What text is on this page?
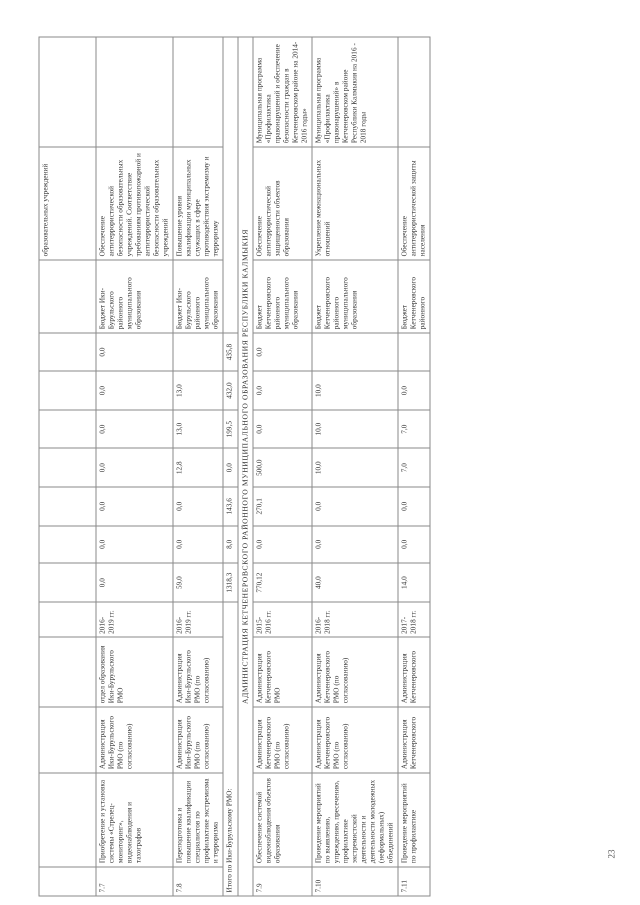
													образовательных учреждений	
7.7	Приобретение и установка системы «Стрелец-мониторинг», видеонаблюдения и тахографов	Администрация Ики-Бурульского РМО (по согласованию)	отдел образования Ики-Бурульского РМО	2016-2019 гг.	0,0	0,0	0,0	0,0	0,0	0,0	0,0	Бюджет Ики-Бурульского районного муниципального образования	Обеспечение антитеррористической безопасности образовательных учреждений. Соответствие требованиям противопожарной и антитеррористической безопасности образовательных учреждений	
7.8	Переподготовка и повышение квалификации специалистов по профилактике экстремизма и терроризма	Администрация Ики-Бурульского РМО (по согласованию)	Администрация Ики-Бурульского РМО (по согласованию)	2016-2019 гг.	59,0	0,0	0,0	12,8	13,0	13,0		Бюджет Ики-Бурульского районного муниципального образования	Повышение уровня квалификации муниципальных служащих в сфере противодействия экстремизму и терроризму	
Итого по Ики-Бурульскому РМО:					1318,3	8,0	143,6	0,0	199,5	432,0	435,8			
АДМИНИСТРАЦИЯ КЕТЧЕНЕРОВСКОГО РАЙОННОГО МУНИЦИПАЛЬНОГО ОБРАЗОВАНИЯ РЕСПУБЛИКИ КАЛМЫКИЯ														
7.9	Обеспечение системой видеонаблюдения объектов образования	Администрация Кетченеровского РМО (по согласованию)	Администрация Кетченеровского РМО	2015-2016 гг.	770,12	0,0	270,1	500,0	0,0	0,0	0,0	Бюджет Кетченеровского районного муниципального образования	Обеспечение антитеррористической защищенности объектов образования	Муниципальная программа «Профилактика правонарушений и обеспечение безопасности граждан в Кетченеровском районе на 2014-2016 годы»
7.10	Проведение мероприятий по выявлению, упреждению, пресечению, профилактике экстремистской деятельности и деятельности молодежных (неформальных) объединений	Администрация Кетченеровского РМО (по согласованию)	Администрация Кетченеровского РМО (по согласованию)	2016-2018 гг.	40,0	0,0	0,0	10,0	10,0	10,0		Бюджет Кетченеровского районного муниципального образования	Укрепление межнациональных отношений	Муниципальная программа «Профилактика правонарушений» в Кетченеровском районе Республики Калмыкия на 2016 - 2018 годы
7.11	Проведение мероприятий по профилактике	Администрация Кетченеровского	Администрация Кетченеровского	2017-2018 гг.	14,0	0,0	0,0	7,0	7,0	0,0		Бюджет Кетченеровского районного	Обеспечение антитеррористической защиты населения	
23
